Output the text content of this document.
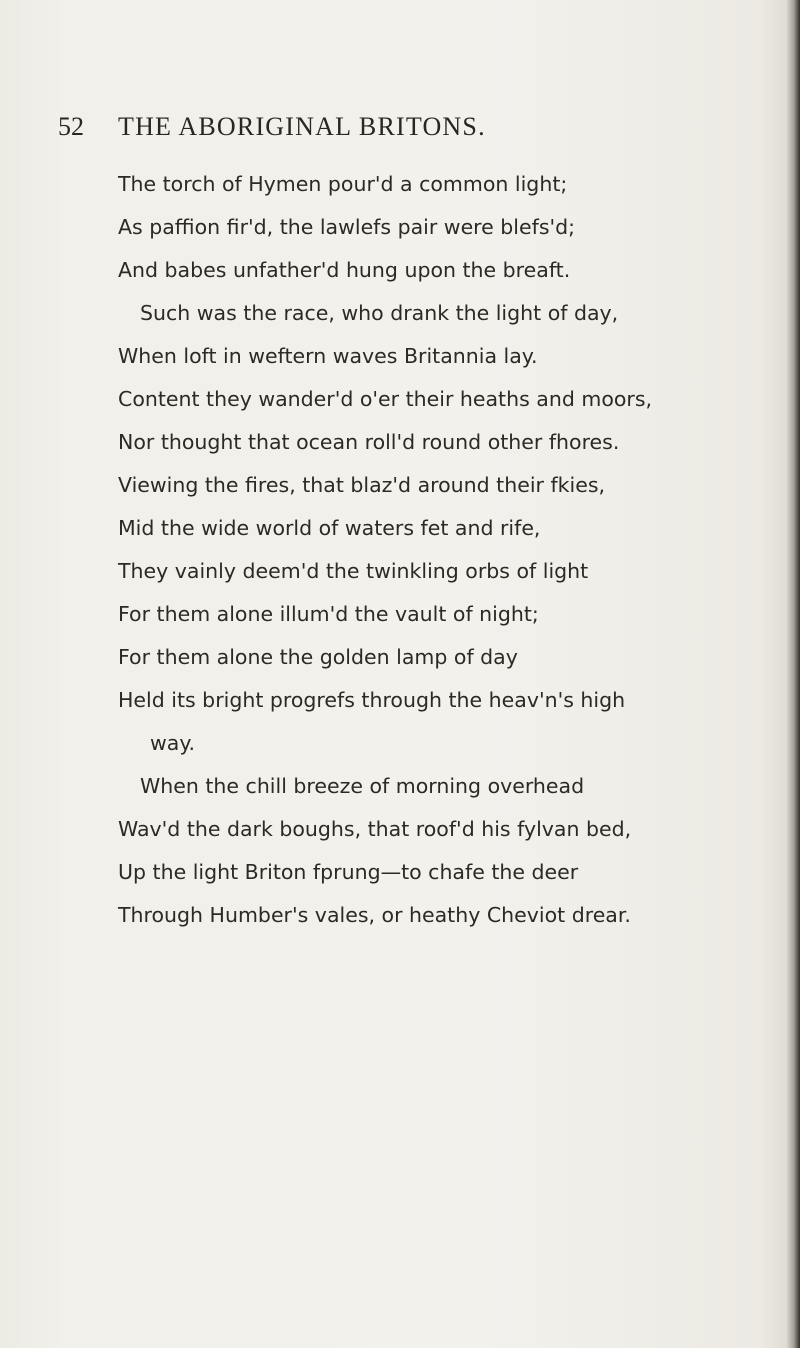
52 THE ABORIGINAL BRITONS.
The torch of Hymen pour'd a common light;
As paffion fir'd, the lawlefs pair were blefs'd;
And babes unfather'd hung upon the breaft.
Such was the race, who drank the light of day,
When loft in weftern waves Britannia lay.
Content they wander'd o'er their heaths and moors,
Nor thought that ocean roll'd round other fhores.
Viewing the fires, that blaz'd around their fkies,
Mid the wide world of waters fet and rife,
They vainly deem'd the twinkling orbs of light
For them alone illum'd the vault of night;
For them alone the golden lamp of day
Held its bright progrefs through the heav'n's high
way.
When the chill breeze of morning overhead
Wav'd the dark boughs, that roof'd his fylvan bed,
Up the light Briton fprung—to chafe the deer
Through Humber's vales, or heathy Cheviot drear.
